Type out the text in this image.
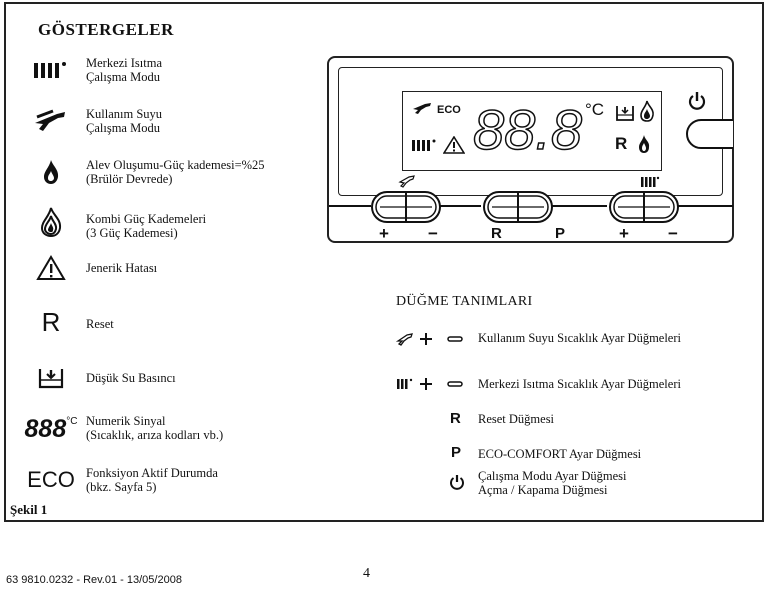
GÖSTERGELER
Merkezi Isıtma
Çalışma Modu
Kullanım Suyu
Çalışma Modu
Alev Oluşumu-Güç kademesi=%25
(Brülör Devrede)
Kombi Güç Kademeleri
(3 Güç Kademesi)
Jenerik Hatası
R	Reset
Düşük Su Basıncı
888 °C Numerik Sinyal
(Sıcaklık, arıza kodları vb.)
ECO Fonksiyon Aktif Durumda
(bkz. Sayfa 5)
Şekil 1
ECO 88.8 °C
R
+ −	R	P	+ −
DÜĞME TANIMLARI
Kullanım Suyu Sıcaklık Ayar Düğmeleri
Merkezi Isıtma Sıcaklık Ayar Düğmeleri
R Reset Düğmesi
P ECO-COMFORT Ayar Düğmesi
Çalışma Modu Ayar Düğmesi
Açma / Kapama Düğmesi
4
63 9810.0232 - Rev.01 - 13/05/2008
